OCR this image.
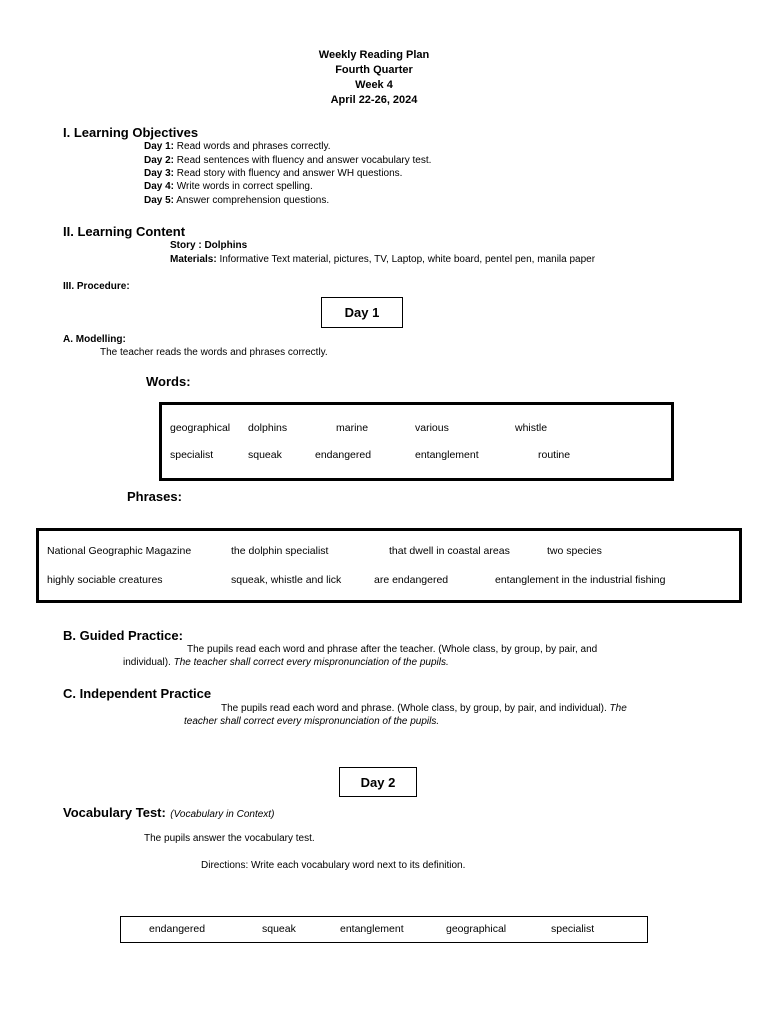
Weekly Reading Plan
Fourth Quarter
Week 4
April 22-26, 2024
I. Learning Objectives
Day 1: Read words and phrases correctly.
Day 2: Read sentences with fluency and answer vocabulary test.
Day 3: Read story with fluency and answer WH questions.
Day 4: Write words in correct spelling.
Day 5: Answer comprehension questions.
II. Learning Content
Story : Dolphins
Materials: Informative Text material, pictures, TV, Laptop, white board, pentel pen, manila paper
III. Procedure:
Day 1
A. Modelling:
The teacher reads the words and phrases correctly.
Words:
geographical dolphins	marine	various	whistle
specialist	squeak	endangered	entanglement	routine
Phrases:
National Geographic Magazine	the dolphin specialist	that dwell in coastal areas	two species
highly sociable creatures	squeak, whistle and lick	are endangered	entanglement in the industrial fishing
B. Guided Practice:
The pupils read each word and phrase after the teacher. (Whole class, by group, by pair, and
individual). The teacher shall correct every mispronunciation of the pupils.
C. Independent Practice
The pupils read each word and phrase. (Whole class, by group, by pair, and individual). The
teacher shall correct every mispronunciation of the pupils.
Day 2
Vocabulary Test: (Vocabulary in Context)
The pupils answer the vocabulary test.
Directions: Write each vocabulary word next to its definition.
endangered	squeak	entanglement	geographical	specialist
